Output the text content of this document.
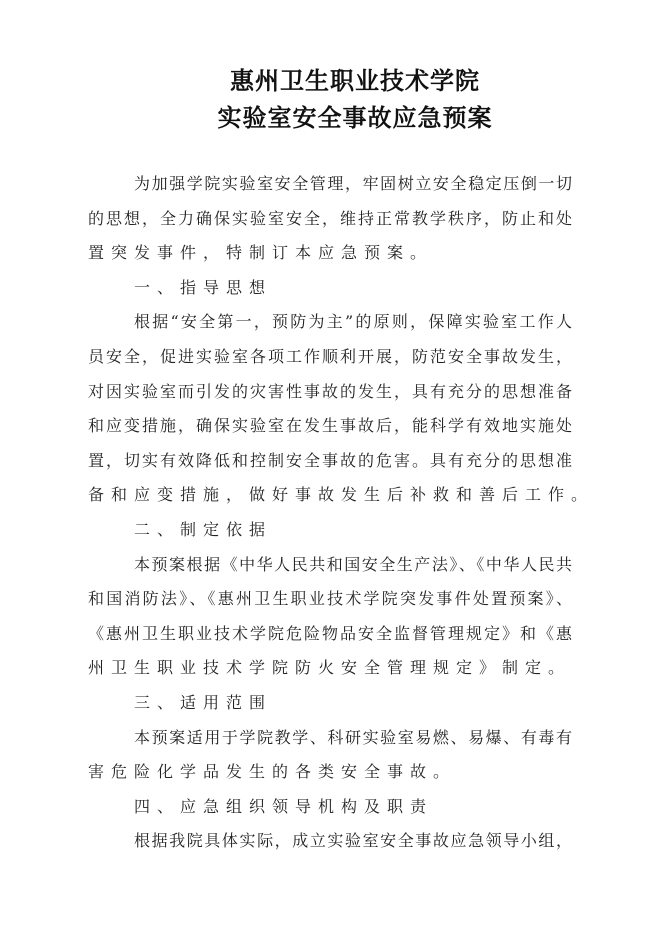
惠州卫生职业技术学院
实验室安全事故应急预案
为加强学院实验室安全管理，牢固树立安全稳定压倒一切
的思想，全力确保实验室安全，维持正常教学秩序，防止和处
置突发事件，特制订本应急预案。
一、指导思想
根据“安全第一，预防为主”的原则，保障实验室工作人
员安全，促进实验室各项工作顺利开展，防范安全事故发生，
对因实验室而引发的灾害性事故的发生，具有充分的思想准备
和应变措施，确保实验室在发生事故后，能科学有效地实施处
置，切实有效降低和控制安全事故的危害。具有充分的思想准
备和应变措施，做好事故发生后补救和善后工作。
二、制定依据
本预案根据《中华人民共和国安全生产法》、《中华人民共
和国消防法》、《惠州卫生职业技术学院突发事件处置预案》、
《惠州卫生职业技术学院危险物品安全监督管理规定》和《惠
州卫生职业技术学院防火安全管理规定》制定。
三、适用范围
本预案适用于学院教学、科研实验室易燃、易爆、有毒有
害危险化学品发生的各类安全事故。
四、应急组织领导机构及职责
根据我院具体实际，成立实验室安全事故应急领导小组，
